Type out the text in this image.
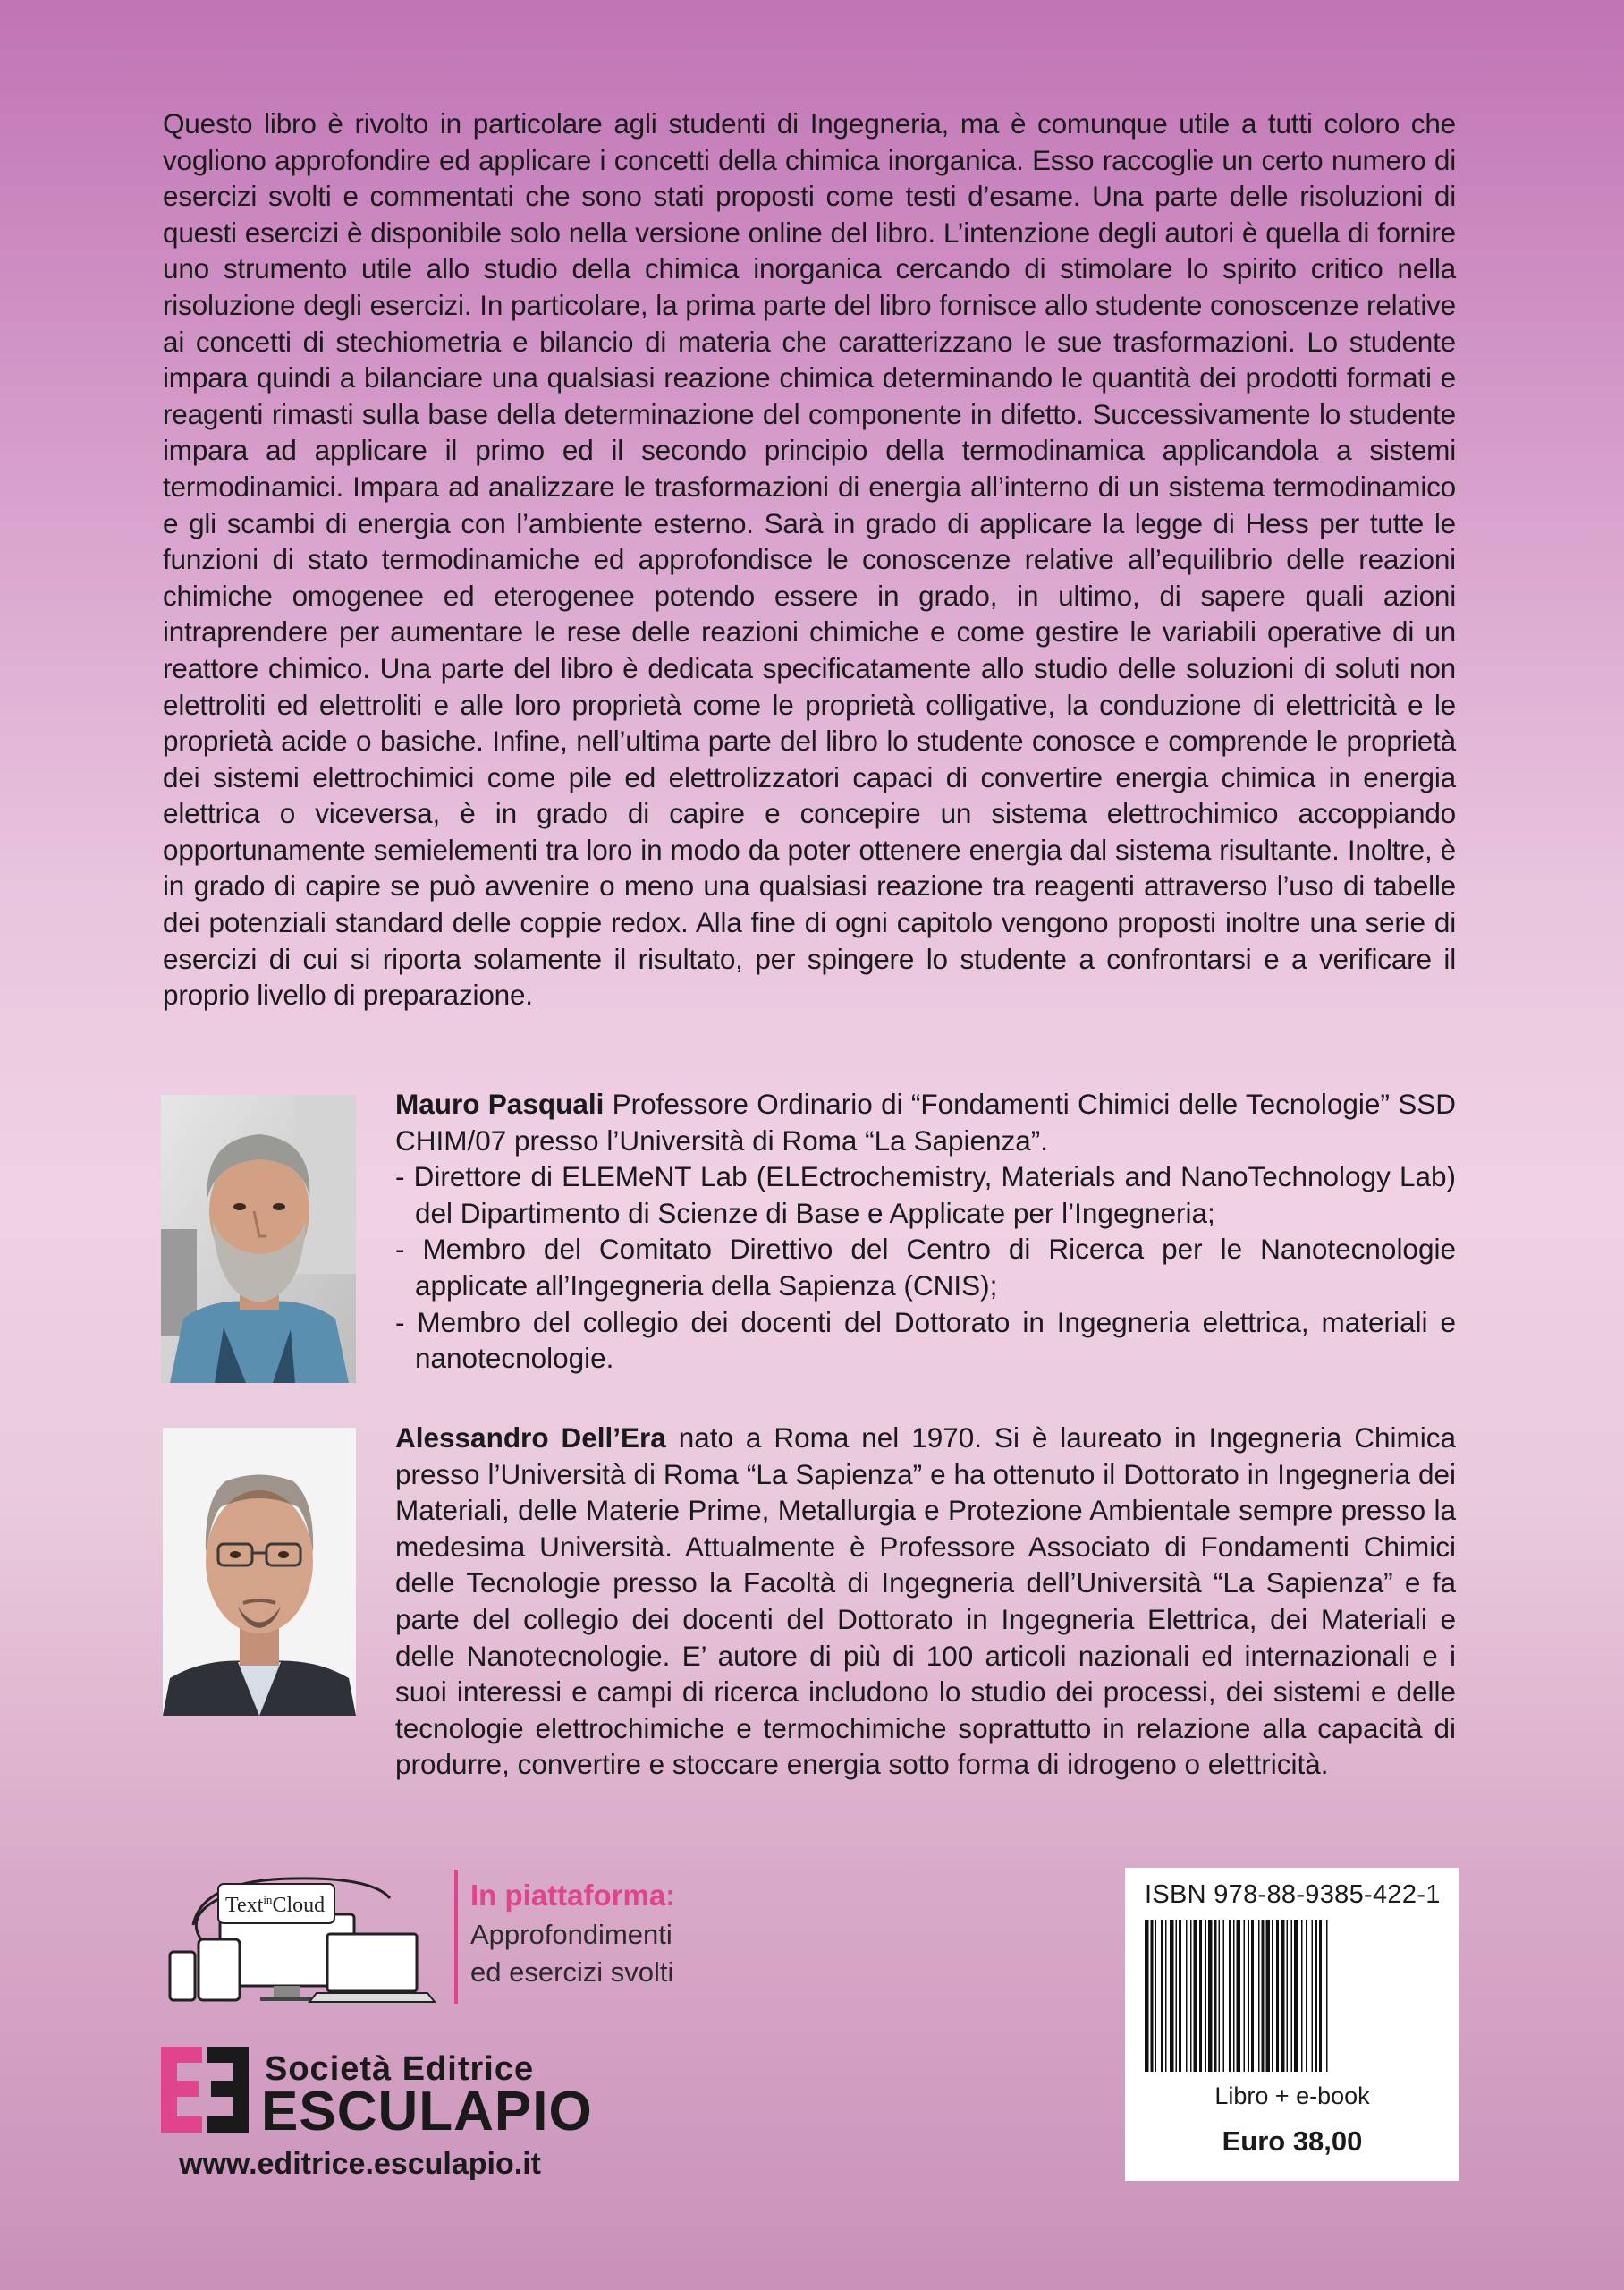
Questo libro è rivolto in particolare agli studenti di Ingegneria, ma è comunque utile a tutti coloro che vogliono approfondire ed applicare i concetti della chimica inorganica. Esso raccoglie un certo numero di esercizi svolti e commentati che sono stati proposti come testi d’esame. Una parte delle risoluzioni di questi esercizi è disponibile solo nella versione online del libro. L’intenzione degli autori è quella di fornire uno strumento utile allo studio della chimica inorganica cercando di stimolare lo spirito critico nella risoluzione degli esercizi. In particolare, la prima parte del libro fornisce allo studente conoscenze relative ai concetti di stechiometria e bilancio di materia che caratterizzano le sue trasformazioni. Lo studente impara quindi a bilanciare una qualsiasi reazione chimica determinando le quantità dei prodotti formati e reagenti rimasti sulla base della determinazione del componente in difetto. Successivamente lo studente impara ad applicare il primo ed il secondo principio della termodinamica applicandola a sistemi termodinamici. Impara ad analizzare le trasformazioni di energia all’interno di un sistema termodinamico e gli scambi di energia con l’ambiente esterno. Sarà in grado di applicare la legge di Hess per tutte le funzioni di stato termodinamiche ed approfondisce le conoscenze relative all’equilibrio delle reazioni chimiche omogenee ed eterogenee potendo essere in grado, in ultimo, di sapere quali azioni intraprendere per aumentare le rese delle reazioni chimiche e come gestire le variabili operative di un reattore chimico. Una parte del libro è dedicata specificatamente allo studio delle soluzioni di soluti non elettroliti ed elettroliti e alle loro proprietà come le proprietà colligative, la conduzione di elettricità e le proprietà acide o basiche. Infine, nell’ultima parte del libro lo studente conosce e comprende le proprietà dei sistemi elettrochimici come pile ed elettrolizzatori capaci di convertire energia chimica in energia elettrica o viceversa, è in grado di capire e concepire un sistema elettrochimico accoppiando opportunamente semielementi tra loro in modo da poter ottenere energia dal sistema risultante. Inoltre, è in grado di capire se può avvenire o meno una qualsiasi reazione tra reagenti attraverso l’uso di tabelle dei potenziali standard delle coppie redox. Alla fine di ogni capitolo vengono proposti inoltre una serie di esercizi di cui si riporta solamente il risultato, per spingere lo studente a confrontarsi e a verificare il proprio livello di preparazione.

Mauro Pasquali Professore Ordinario di “Fondamenti Chimici delle Tecnologie” SSD CHIM/07 presso l’Università di Roma “La Sapienza”.
- Direttore di ELEMeNT Lab (ELEctrochemistry, Materials and NanoTechnology Lab) del Dipartimento di Scienze di Base e Applicate per l’Ingegneria;
- Membro del Comitato Direttivo del Centro di Ricerca per le Nanotecnologie applicate all’Ingegneria della Sapienza (CNIS);
- Membro del collegio dei docenti del Dottorato in Ingegneria elettrica, materiali e nanotecnologie.

Alessandro Dell’Era nato a Roma nel 1970. Si è laureato in Ingegneria Chimica presso l’Università di Roma “La Sapienza” e ha ottenuto il Dottorato in Ingegneria dei Materiali, delle Materie Prime, Metallurgia e Protezione Ambientale sempre presso la medesima Università. Attualmente è Professore Associato di Fondamenti Chimici delle Tecnologie presso la Facoltà di Ingegneria dell’Università “La Sapienza” e fa parte del collegio dei docenti del Dottorato in Ingegneria Elettrica, dei Materiali e delle Nanotecnologie. E’ autore di più di 100 articoli nazionali ed internazionali e i suoi interessi e campi di ricerca includono lo studio dei processi, dei sistemi e delle tecnologie elettrochimiche e termochimiche soprattutto in relazione alla capacità di produrre, convertire e stoccare energia sotto forma di idrogeno o elettricità.

Text$^{in}$Cloud	In piattaforma:
Approfondimenti
ed esercizi svolti
Società Editrice
ESCULAPIO
www.editrice.esculapio.it
ISBN 978-88-9385-422-1
Libro + e-book
Euro 38,00
